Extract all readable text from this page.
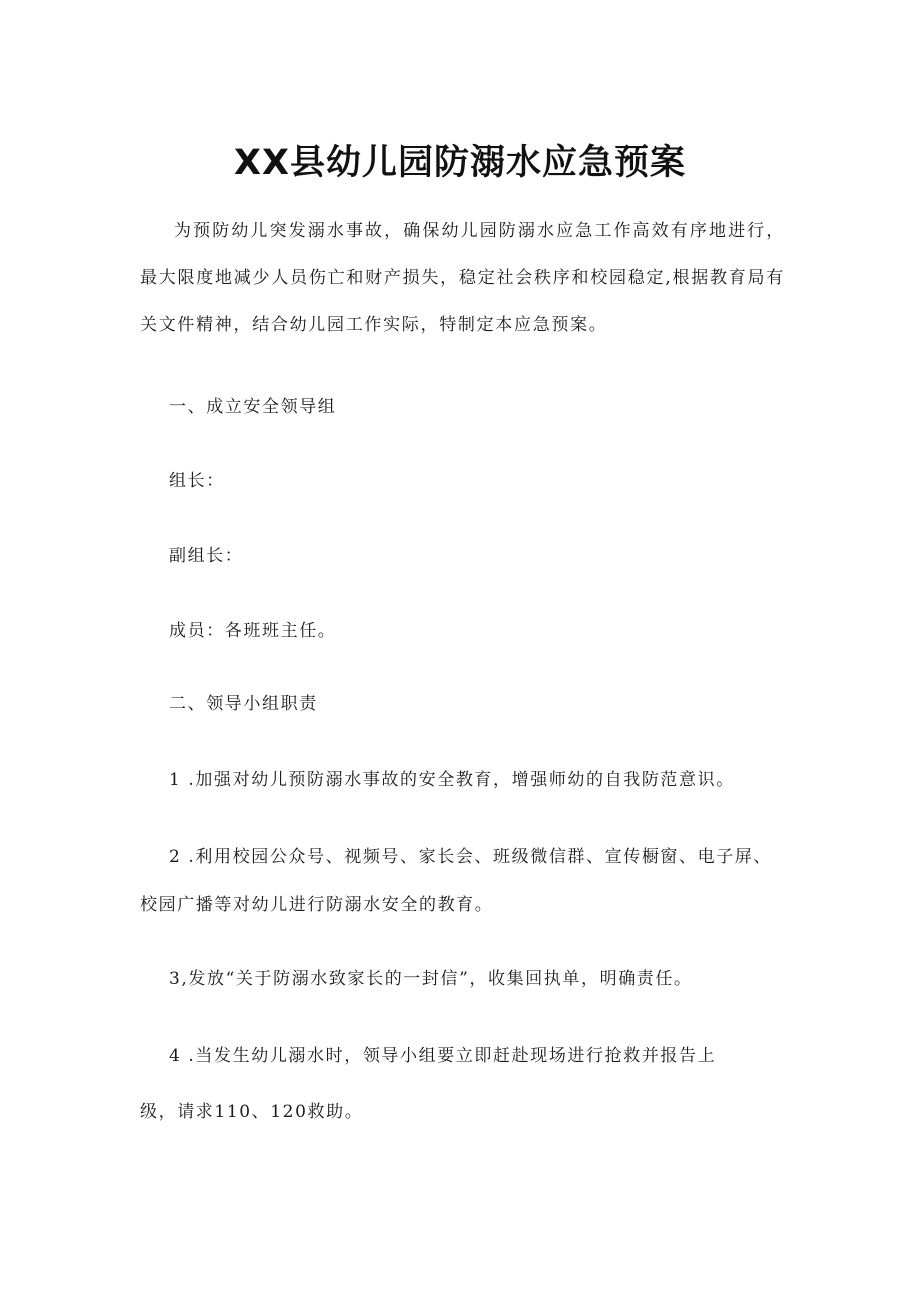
XX县幼儿园防溺水应急预案

为预防幼儿突发溺水事故，确保幼儿园防溺水应急工作高效有序地进行，最大限度地减少人员伤亡和财产损失，稳定社会秩序和校园稳定,根据教育局有关文件精神，结合幼儿园工作实际，特制定本应急预案。

一、成立安全领导组

组长：

副组长：

成员：各班班主任。

二、领导小组职责

1 .加强对幼儿预防溺水事故的安全教育，增强师幼的自我防范意识。

2 .利用校园公众号、视频号、家长会、班级微信群、宣传橱窗、电子屏、

校园广播等对幼儿进行防溺水安全的教育。

3,发放“关于防溺水致家长的一封信”，收集回执单，明确责任。

4 .当发生幼儿溺水时，领导小组要立即赶赴现场进行抢救并报告上

级，请求110、120救助。
